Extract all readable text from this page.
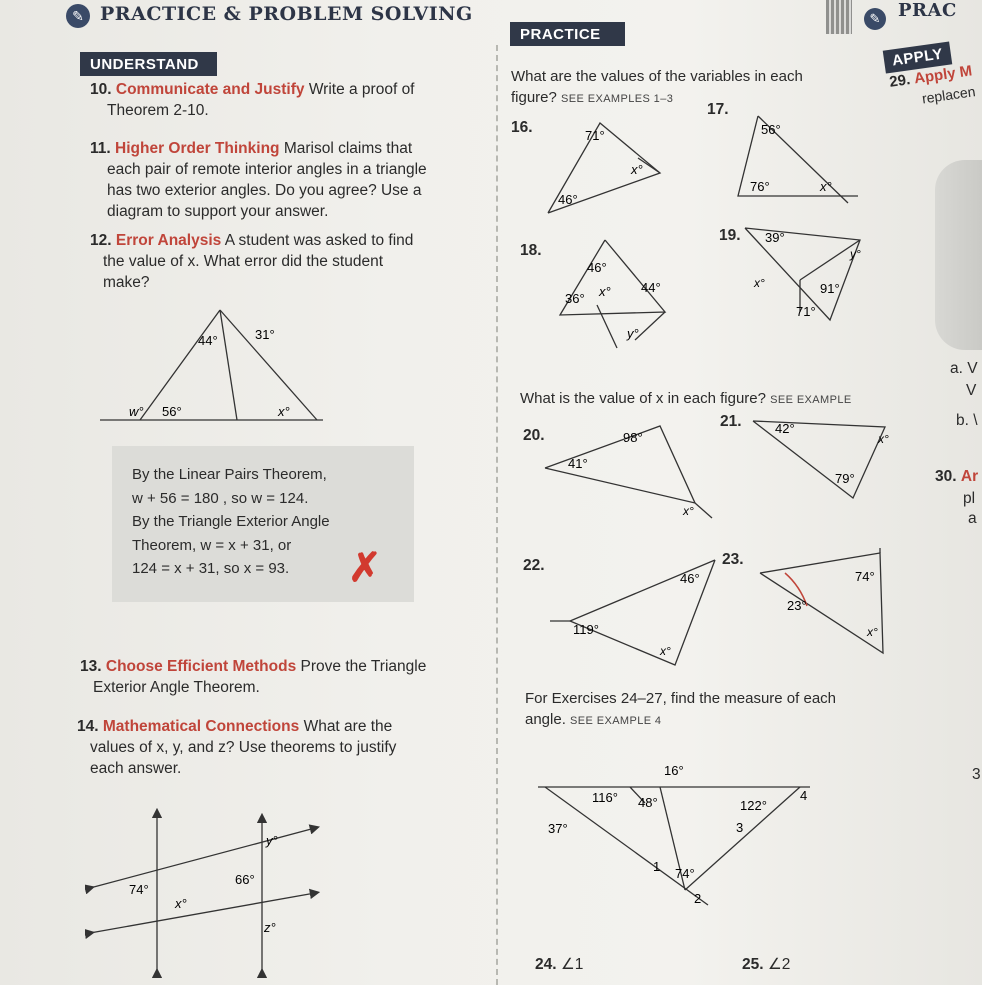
✎ PRACTICE & PROBLEM SOLVING	✎ PRAC
UNDERSTAND
10. Communicate and Justify Write a proof of
Theorem 2-10.
11. Higher Order Thinking Marisol claims that
each pair of remote interior angles in a triangle
has two exterior angles. Do you agree? Use a
diagram to support your answer.
12. Error Analysis A student was asked to find
the value of x. What error did the student
make?
44°	31°
w° 56°	x°
By the Linear Pairs Theorem,
w + 56 = 180 , so w = 124.
By the Triangle Exterior Angle
Theorem, w = x + 31, or
124 = x + 31, so x = 93.	✗
13. Choose Efficient Methods Prove the Triangle
Exterior Angle Theorem.
14. Mathematical Connections What are the
values of x, y, and z? Use theorems to justify
each answer.
y°
66°
74°
x°
z°
PRACTICE
What are the values of the variables in each
figure? SEE EXAMPLES 1–3
16.	71°
x°
46°
17.
56°
76°	x°
18.
46°
36° x° 44°
y°
19. 39°
y°
x°	91°
71°
What is the value of x in each figure? SEE EXAMPLE
20.	98°
41°
x°
21.	42°
x°
79°
22.
46°
119°
x°
23.
74°
23°
x°
For Exercises 24–27, find the measure of each
angle. SEE EXAMPLE 4
16°
116° 48°	4
122°
37°	3
1 74°
2
24. ∠1	25. ∠2
APPLY
29. Apply M
replacen
a. V
V
b. \
30. Ar
pl
a
3
